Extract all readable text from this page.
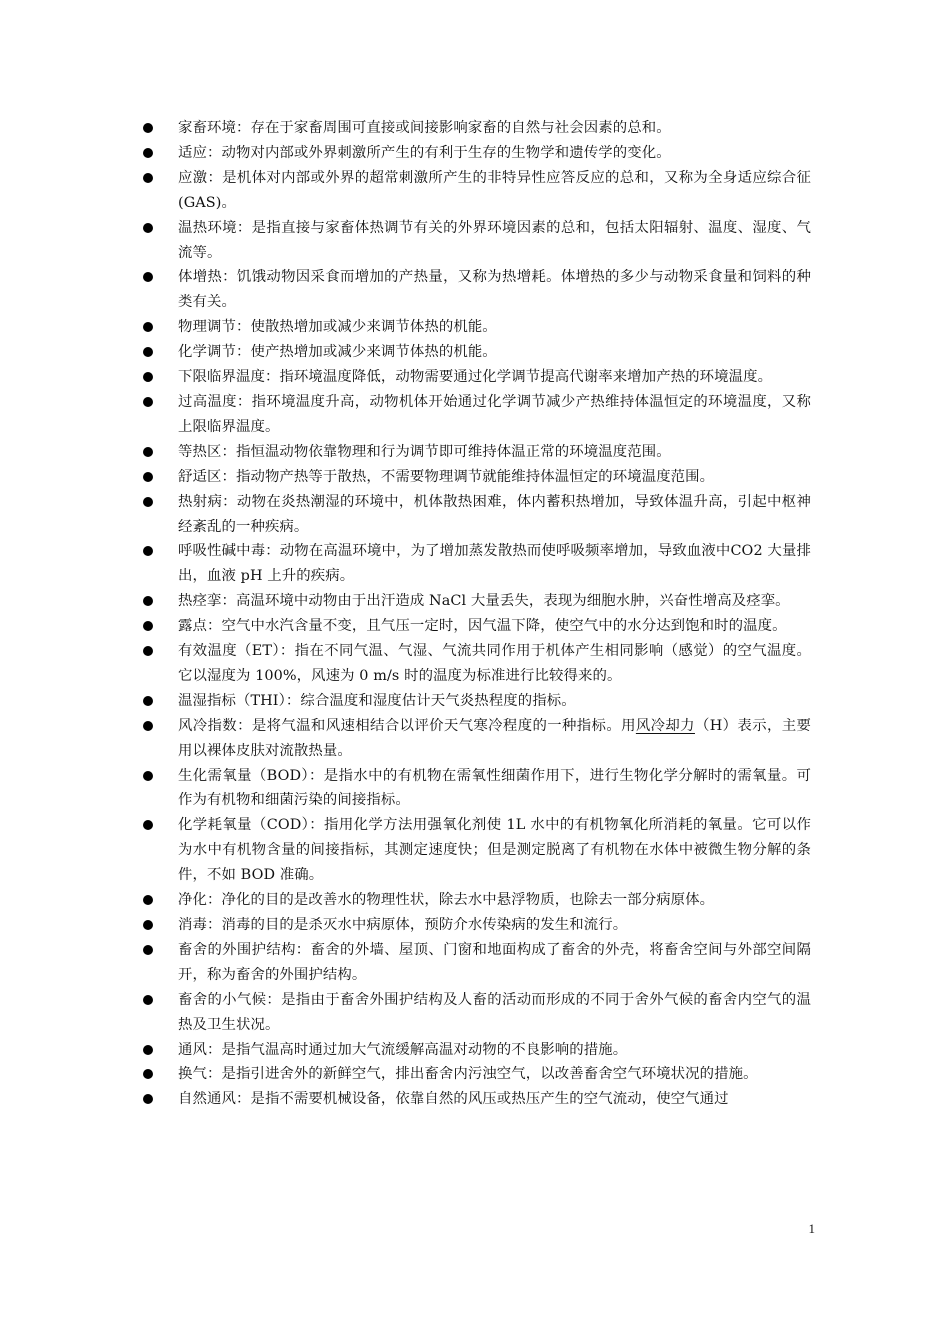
家畜环境：存在于家畜周围可直接或间接影响家畜的自然与社会因素的总和。
适应：动物对内部或外界刺激所产生的有利于生存的生物学和遗传学的变化。
应激：是机体对内部或外界的超常刺激所产生的非特异性应答反应的总和，又称为全身适应综合征(GAS)。
温热环境：是指直接与家畜体热调节有关的外界环境因素的总和，包括太阳辐射、温度、湿度、气流等。
体增热：饥饿动物因采食而增加的产热量，又称为热增耗。体增热的多少与动物采食量和饲料的种类有关。
物理调节：使散热增加或减少来调节体热的机能。
化学调节：使产热增加或减少来调节体热的机能。
下限临界温度：指环境温度降低，动物需要通过化学调节提高代谢率来增加产热的环境温度。
过高温度：指环境温度升高，动物机体开始通过化学调节减少产热维持体温恒定的环境温度，又称上限临界温度。
等热区：指恒温动物依靠物理和行为调节即可维持体温正常的环境温度范围。
舒适区：指动物产热等于散热，不需要物理调节就能维持体温恒定的环境温度范围。
热射病：动物在炎热潮湿的环境中，机体散热困难，体内蓄积热增加，导致体温升高，引起中枢神经紊乱的一种疾病。
呼吸性碱中毒：动物在高温环境中，为了增加蒸发散热而使呼吸频率增加，导致血液中CO2 大量排出，血液 pH 上升的疾病。
热痉挛：高温环境中动物由于出汗造成 NaCl 大量丢失，表现为细胞水肿，兴奋性增高及痉挛。
露点：空气中水汽含量不变，且气压一定时，因气温下降，使空气中的水分达到饱和时的温度。
有效温度（ET）：指在不同气温、气湿、气流共同作用于机体产生相同影响（感觉）的空气温度。它以湿度为 100%，风速为 0 m/s 时的温度为标准进行比较得来的。
温湿指标（THI）：综合温度和湿度估计天气炎热程度的指标。
风冷指数：是将气温和风速相结合以评价天气寒冷程度的一种指标。用风冷却力（H）表示，主要用以裸体皮肤对流散热量。
生化需氧量（BOD）：是指水中的有机物在需氧性细菌作用下，进行生物化学分解时的需氧量。可作为有机物和细菌污染的间接指标。
化学耗氧量（COD）：指用化学方法用强氧化剂使 1L 水中的有机物氧化所消耗的氧量。它可以作为水中有机物含量的间接指标，其测定速度快；但是测定脱离了有机物在水体中被微生物分解的条件，不如 BOD 准确。
净化：净化的目的是改善水的物理性状，除去水中悬浮物质，也除去一部分病原体。
消毒：消毒的目的是杀灭水中病原体，预防介水传染病的发生和流行。
畜舍的外围护结构：畜舍的外墙、屋顶、门窗和地面构成了畜舍的外壳，将畜舍空间与外部空间隔开，称为畜舍的外围护结构。
畜舍的小气候：是指由于畜舍外围护结构及人畜的活动而形成的不同于舍外气候的畜舍内空气的温热及卫生状况。
通风：是指气温高时通过加大气流缓解高温对动物的不良影响的措施。
换气：是指引进舍外的新鲜空气，排出畜舍内污浊空气，以改善畜舍空气环境状况的措施。
自然通风：是指不需要机械设备，依靠自然的风压或热压产生的空气流动，使空气通过
1
